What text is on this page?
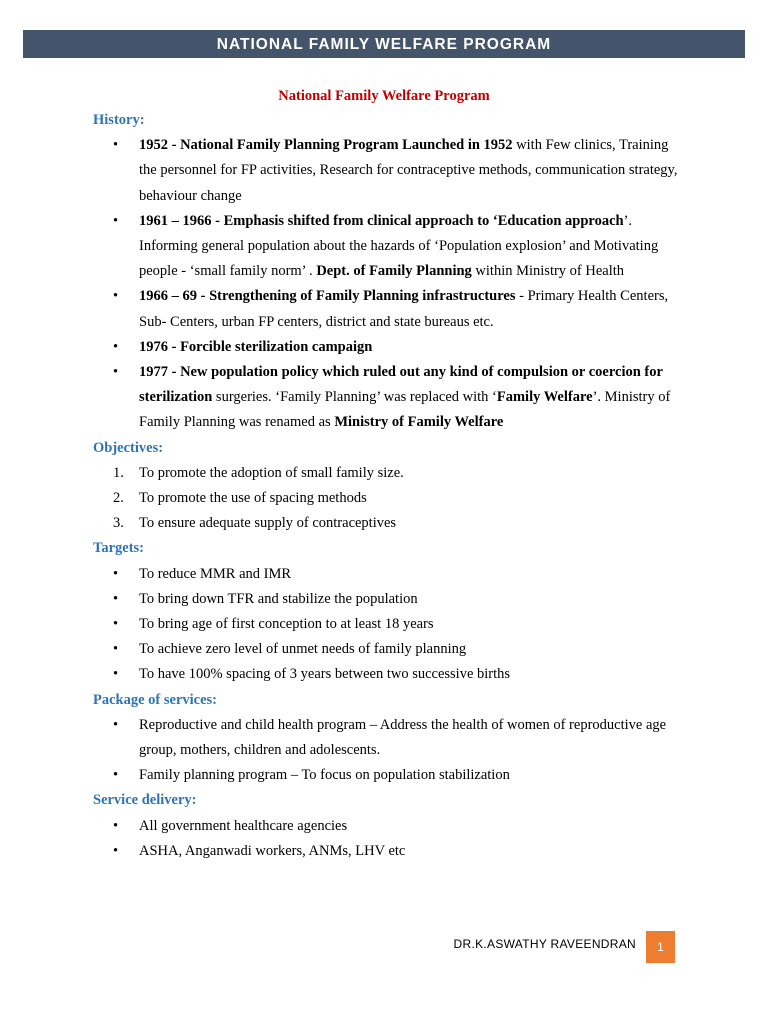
NATIONAL FAMILY WELFARE PROGRAM
National Family Welfare Program
History:
•	1952 - National Family Planning Program Launched in 1952 with Few clinics, Training the personnel for FP activities, Research for contraceptive methods, communication strategy, behaviour change
•	1961 – 1966 - Emphasis shifted from clinical approach to ‘Education approach’. Informing general population about the hazards of ‘Population explosion’ and Motivating people - ‘small family norm’ . Dept. of Family Planning within Ministry of Health
•	1966 – 69 - Strengthening of Family Planning infrastructures - Primary Health Centers, Sub- Centers, urban FP centers, district and state bureaus etc.
•	1976 - Forcible sterilization campaign
•	1977 - New population policy which ruled out any kind of compulsion or coercion for sterilization surgeries. ‘Family Planning’ was replaced with ‘Family Welfare’. Ministry of Family Planning was renamed as Ministry of Family Welfare
Objectives:
1. To promote the adoption of small family size.
2. To promote the use of spacing methods
3. To ensure adequate supply of contraceptives
Targets:
•	To reduce MMR and IMR
•	To bring down TFR and stabilize the population
•	To bring age of first conception to at least 18 years
•	To achieve zero level of unmet needs of family planning
•	To have 100% spacing of 3 years between two successive births
Package of services:
•	Reproductive and child health program – Address the health of women of reproductive age group, mothers, children and adolescents.
•	Family planning program – To focus on population stabilization
Service delivery:
•	All government healthcare agencies
•	ASHA, Anganwadi workers, ANMs, LHV etc
DR.K.ASWATHY RAVEENDRAN	1
